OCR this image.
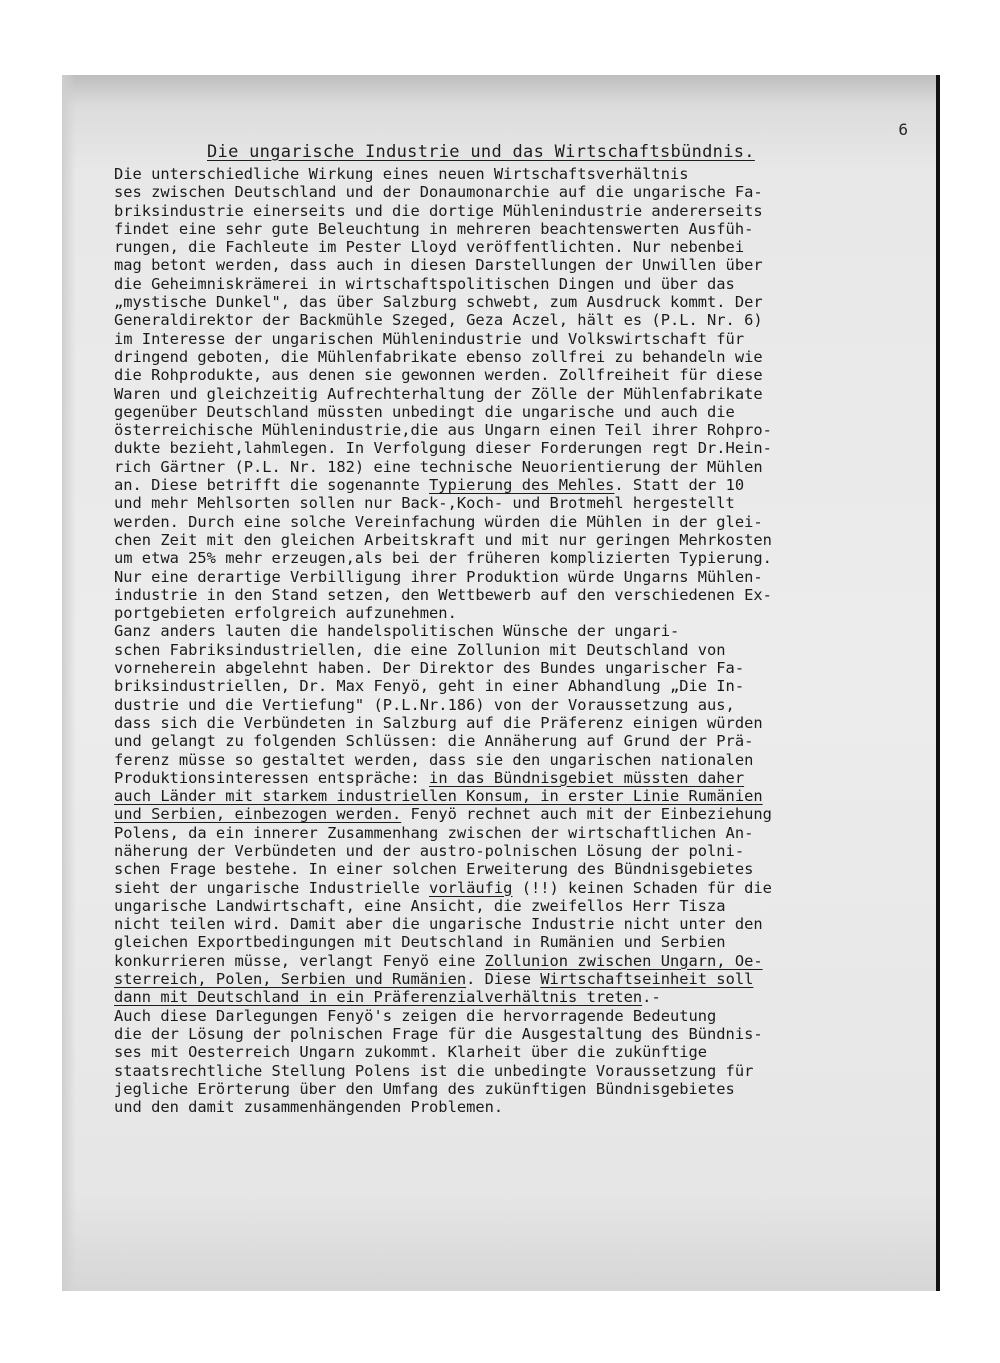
6
Die ungarische Industrie und das Wirtschaftsbündnis.
Die unterschiedliche Wirkung eines neuen Wirtschaftsverhältnis
ses zwischen Deutschland und der Donaumonarchie auf die ungarische Fa-
briksindustrie einerseits und die dortige Mühlenindustrie andererseits
findet eine sehr gute Beleuchtung in mehreren beachtenswerten Ausfüh-
rungen, die Fachleute im Pester Lloyd veröffentlichten. Nur nebenbei
mag betont werden, dass auch in diesen Darstellungen der Unwillen über
die Geheimniskrämerei in wirtschaftspolitischen Dingen und über das
„mystische Dunkel", das über Salzburg schwebt, zum Ausdruck kommt. Der
Generaldirektor der Backmühle Szeged, Geza Aczel, hält es (P.L. Nr. 6)
im Interesse der ungarischen Mühlenindustrie und Volkswirtschaft für
dringend geboten, die Mühlenfabrikate ebenso zollfrei zu behandeln wie
die Rohprodukte, aus denen sie gewonnen werden. Zollfreiheit für diese
Waren und gleichzeitig Aufrechterhaltung der Zölle der Mühlenfabrikate
gegenüber Deutschland müssten unbedingt die ungarische und auch die
österreichische Mühlenindustrie,die aus Ungarn einen Teil ihrer Rohpro-
dukte bezieht,lahmlegen. In Verfolgung dieser Forderungen regt Dr.Hein-
rich Gärtner (P.L. Nr. 182) eine technische Neuorientierung der Mühlen
an. Diese betrifft die sogenannte Typierung des Mehles. Statt der 10
und mehr Mehlsorten sollen nur Back-,Koch- und Brotmehl hergestellt
werden. Durch eine solche Vereinfachung würden die Mühlen in der glei-
chen Zeit mit den gleichen Arbeitskraft und mit nur geringen Mehrkosten
um etwa 25% mehr erzeugen,als bei der früheren komplizierten Typierung.
Nur eine derartige Verbilligung ihrer Produktion würde Ungarns Mühlen-
industrie in den Stand setzen, den Wettbewerb auf den verschiedenen Ex-
portgebieten erfolgreich aufzunehmen.
Ganz anders lauten die handelspolitischen Wünsche der ungari-
schen Fabriksindustriellen, die eine Zollunion mit Deutschland von
vorneherein abgelehnt haben. Der Direktor des Bundes ungarischer Fa-
briksindustriellen, Dr. Max Fenyö, geht in einer Abhandlung „Die In-
dustrie und die Vertiefung" (P.L.Nr.186) von der Voraussetzung aus,
dass sich die Verbündeten in Salzburg auf die Präferenz einigen würden
und gelangt zu folgenden Schlüssen: die Annäherung auf Grund der Prä-
ferenz müsse so gestaltet werden, dass sie den ungarischen nationalen
Produktionsinteressen entspräche: in das Bündnisgebiet müssten daher
auch Länder mit starkem industriellen Konsum, in erster Linie Rumänien
und Serbien, einbezogen werden. Fenyö rechnet auch mit der Einbeziehung
Polens, da ein innerer Zusammenhang zwischen der wirtschaftlichen An-
näherung der Verbündeten und der austro-polnischen Lösung der polni-
schen Frage bestehe. In einer solchen Erweiterung des Bündnisgebietes
sieht der ungarische Industrielle vorläufig (!!) keinen Schaden für die
ungarische Landwirtschaft, eine Ansicht, die zweifellos Herr Tisza
nicht teilen wird. Damit aber die ungarische Industrie nicht unter den
gleichen Exportbedingungen mit Deutschland in Rumänien und Serbien
konkurrieren müsse, verlangt Fenyö eine Zollunion zwischen Ungarn, Oe-
sterreich, Polen, Serbien und Rumänien. Diese Wirtschaftseinheit soll
dann mit Deutschland in ein Präferenzialverhältnis treten.-
Auch diese Darlegungen Fenyö's zeigen die hervorragende Bedeutung
die der Lösung der polnischen Frage für die Ausgestaltung des Bündnis-
ses mit Oesterreich Ungarn zukommt. Klarheit über die zukünftige
staatsrechtliche Stellung Polens ist die unbedingte Voraussetzung für
jegliche Erörterung über den Umfang des zukünftigen Bündnisgebietes
und den damit zusammenhängenden Problemen.
